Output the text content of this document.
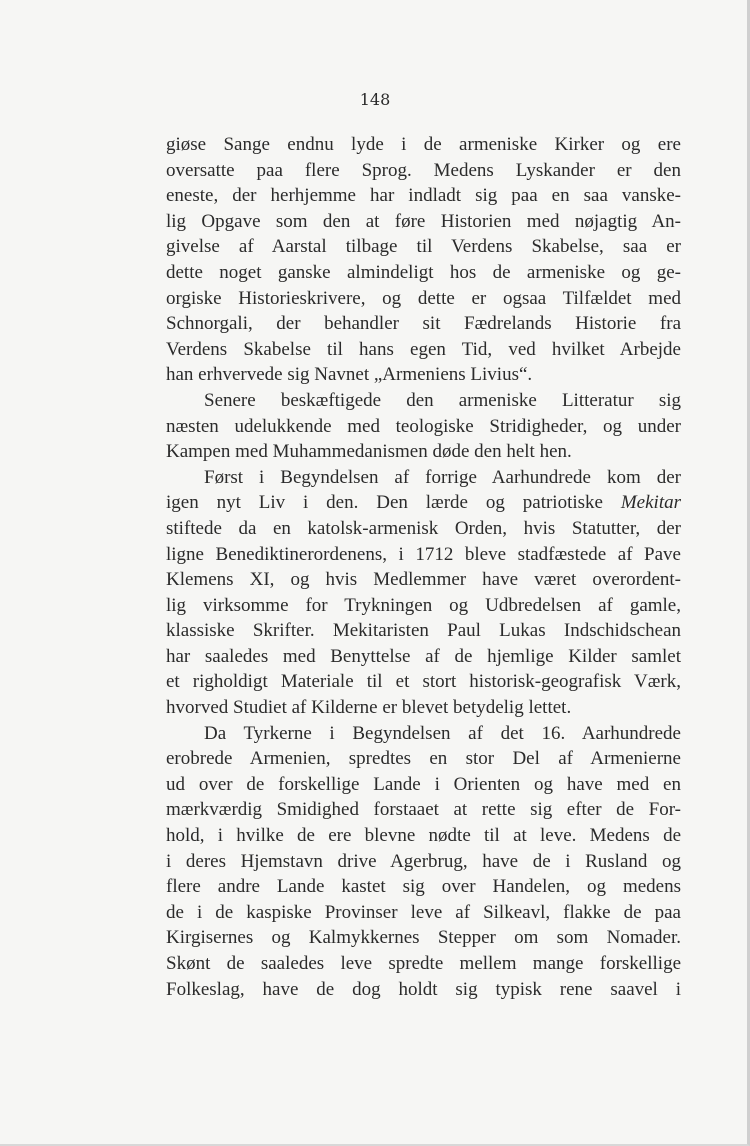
148
giøse Sange endnu lyde i de armeniske Kirker og ere
oversatte paa flere Sprog. Medens Lyskander er den
eneste, der herhjemme har indladt sig paa en saa vanske-
lig Opgave som den at føre Historien med nøjagtig An-
givelse af Aarstal tilbage til Verdens Skabelse, saa er
dette noget ganske almindeligt hos de armeniske og ge-
orgiske Historieskrivere, og dette er ogsaa Tilfældet med
Schnorgali, der behandler sit Fædrelands Historie fra
Verdens Skabelse til hans egen Tid, ved hvilket Arbejde
han erhvervede sig Navnet „Armeniens Livius“.
Senere beskæftigede den armeniske Litteratur sig
næsten udelukkende med teologiske Stridigheder, og under
Kampen med Muhammedanismen døde den helt hen.
Først i Begyndelsen af forrige Aarhundrede kom der
igen nyt Liv i den. Den lærde og patriotiske Mekitar
stiftede da en katolsk-armenisk Orden, hvis Statutter, der
ligne Benediktinerordenens, i 1712 bleve stadfæstede af Pave
Klemens XI, og hvis Medlemmer have været overordent-
lig virksomme for Trykningen og Udbredelsen af gamle,
klassiske Skrifter. Mekitaristen Paul Lukas Indschidschean
har saaledes med Benyttelse af de hjemlige Kilder samlet
et righoldigt Materiale til et stort historisk-geografisk Værk,
hvorved Studiet af Kilderne er blevet betydelig lettet.
Da Tyrkerne i Begyndelsen af det 16. Aarhundrede
erobrede Armenien, spredtes en stor Del af Armenierne
ud over de forskellige Lande i Orienten og have med en
mærkværdig Smidighed forstaaet at rette sig efter de For-
hold, i hvilke de ere blevne nødte til at leve. Medens de
i deres Hjemstavn drive Agerbrug, have de i Rusland og
flere andre Lande kastet sig over Handelen, og medens
de i de kaspiske Provinser leve af Silkeavl, flakke de paa
Kirgisernes og Kalmykkernes Stepper om som Nomader.
Skønt de saaledes leve spredte mellem mange forskellige
Folkeslag, have de dog holdt sig typisk rene saavel i
